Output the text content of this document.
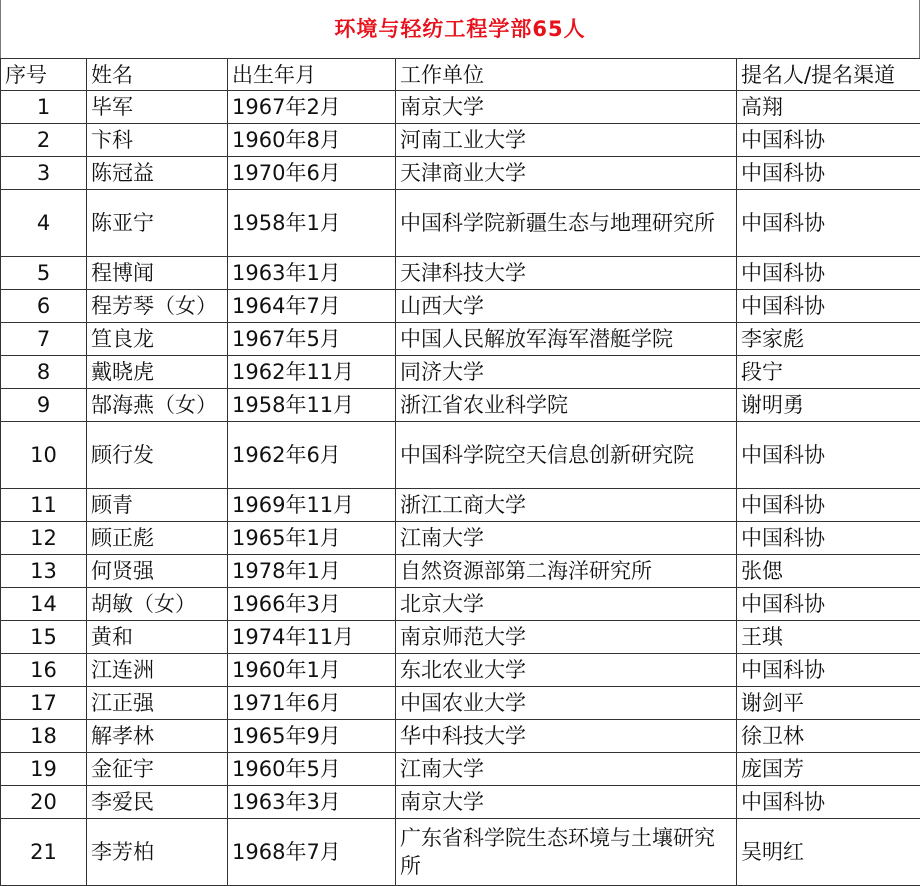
环境与轻纺工程学部65人
序号	姓名	出生年月	工作单位	提名人/提名渠道
1	毕军	1967年2月	南京大学	高翔
2	卞科	1960年8月	河南工业大学	中国科协
3	陈冠益	1970年6月	天津商业大学	中国科协
4	陈亚宁	1958年1月	中国科学院新疆生态与地理研究所	中国科协
5	程博闻	1963年1月	天津科技大学	中国科协
6	程芳琴（女）	1964年7月	山西大学	中国科协
7	笪良龙	1967年5月	中国人民解放军海军潜艇学院	李家彪
8	戴晓虎	1962年11月	同济大学	段宁
9	郜海燕（女）	1958年11月	浙江省农业科学院	谢明勇
10	顾行发	1962年6月	中国科学院空天信息创新研究院	中国科协
11	顾青	1969年11月	浙江工商大学	中国科协
12	顾正彪	1965年1月	江南大学	中国科协
13	何贤强	1978年1月	自然资源部第二海洋研究所	张偲
14	胡敏（女）	1966年3月	北京大学	中国科协
15	黄和	1974年11月	南京师范大学	王琪
16	江连洲	1960年1月	东北农业大学	中国科协
17	江正强	1971年6月	中国农业大学	谢剑平
18	解孝林	1965年9月	华中科技大学	徐卫林
19	金征宇	1960年5月	江南大学	庞国芳
20	李爱民	1963年3月	南京大学	中国科协
21	李芳柏	1968年7月	广东省科学院生态环境与土壤研究所	吴明红
